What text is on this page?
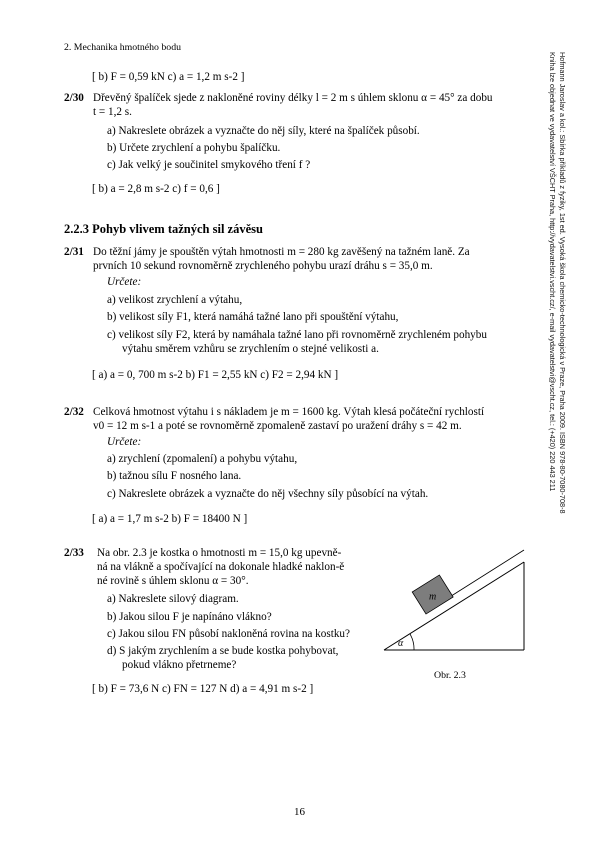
2. Mechanika hmotného bodu
Hofmann Jaroslav a kol.: Sbírka příkladů z fyziky, 1st ed. Vysoká škola chemicko-technologická v Praze, Praha 2009. ISBN 978-80-7080-708-8
Kniha lze objednat ve vydavatelství VŠCHT Praha, http://vydavatelstvi.vscht.cz/, e-mail vydavatelstvi@vscht.cz, tel.: (+420) 220 443 211
[ b) F = 0,59 kN c) a = 1,2 m s-2 ]
2/30 Dřevěný špalíček sjede z nakloněné roviny délky l = 2 m s úhlem sklonu α = 45° za dobu
t = 1,2 s.
a) Nakreslete obrázek a vyznačte do něj síly, které na špalíček působí.
b) Určete zrychlení a pohybu špalíčku.
c) Jak velký je součinitel smykového tření f ?
[ b) a = 2,8 m s-2 c) f = 0,6 ]
2.2.3 Pohyb vlivem tažných sil závěsu
2/31 Do těžní jámy je spouštěn výtah hmotnosti m = 280 kg zavěšený na tažném laně. Za
prvních 10 sekund rovnoměrně zrychleného pohybu urazí dráhu s = 35,0 m.
Určete:
a) velikost zrychlení a výtahu,
b) velikost síly F1, která namáhá tažné lano při spouštění výtahu,
c) velikost síly F2, která by namáhala tažné lano při rovnoměrně zrychleném pohybu
výtahu směrem vzhůru se zrychlením o stejné velikosti a.
[ a) a = 0, 700 m s-2 b) F1 = 2,55 kN c) F2 = 2,94 kN ]
2/32 Celková hmotnost výtahu i s nákladem je m = 1600 kg. Výtah klesá počáteční rychlostí
v0 = 12 m s-1 a poté se rovnoměrně zpomaleně zastaví po uražení dráhy s = 42 m.
Určete:
a) zrychlení (zpomalení) a pohybu výtahu,
b) tažnou sílu F nosného lana.
c) Nakreslete obrázek a vyznačte do něj všechny síly působící na výtah.
[ a) a = 1,7 m s-2 b) F = 18400 N ]
2/33 Na obr. 2.3 je kostka o hmotnosti m = 15,0 kg upevně-
ná na vlákně a spočívající na dokonale hladké naklon-ě
né rovině s úhlem sklonu α = 30°.
a) Nakreslete silový diagram.
b) Jakou silou F je napínáno vlákno?
c) Jakou silou FN působí nakloněná rovina na kostku?
d) S jakým zrychlením a se bude kostka pohybovat,
pokud vlákno přetrneme?
[ b) F = 73,6 N c) FN = 127 N d) a = 4,91 m s-2 ]
m
α
Obr. 2.3
16
